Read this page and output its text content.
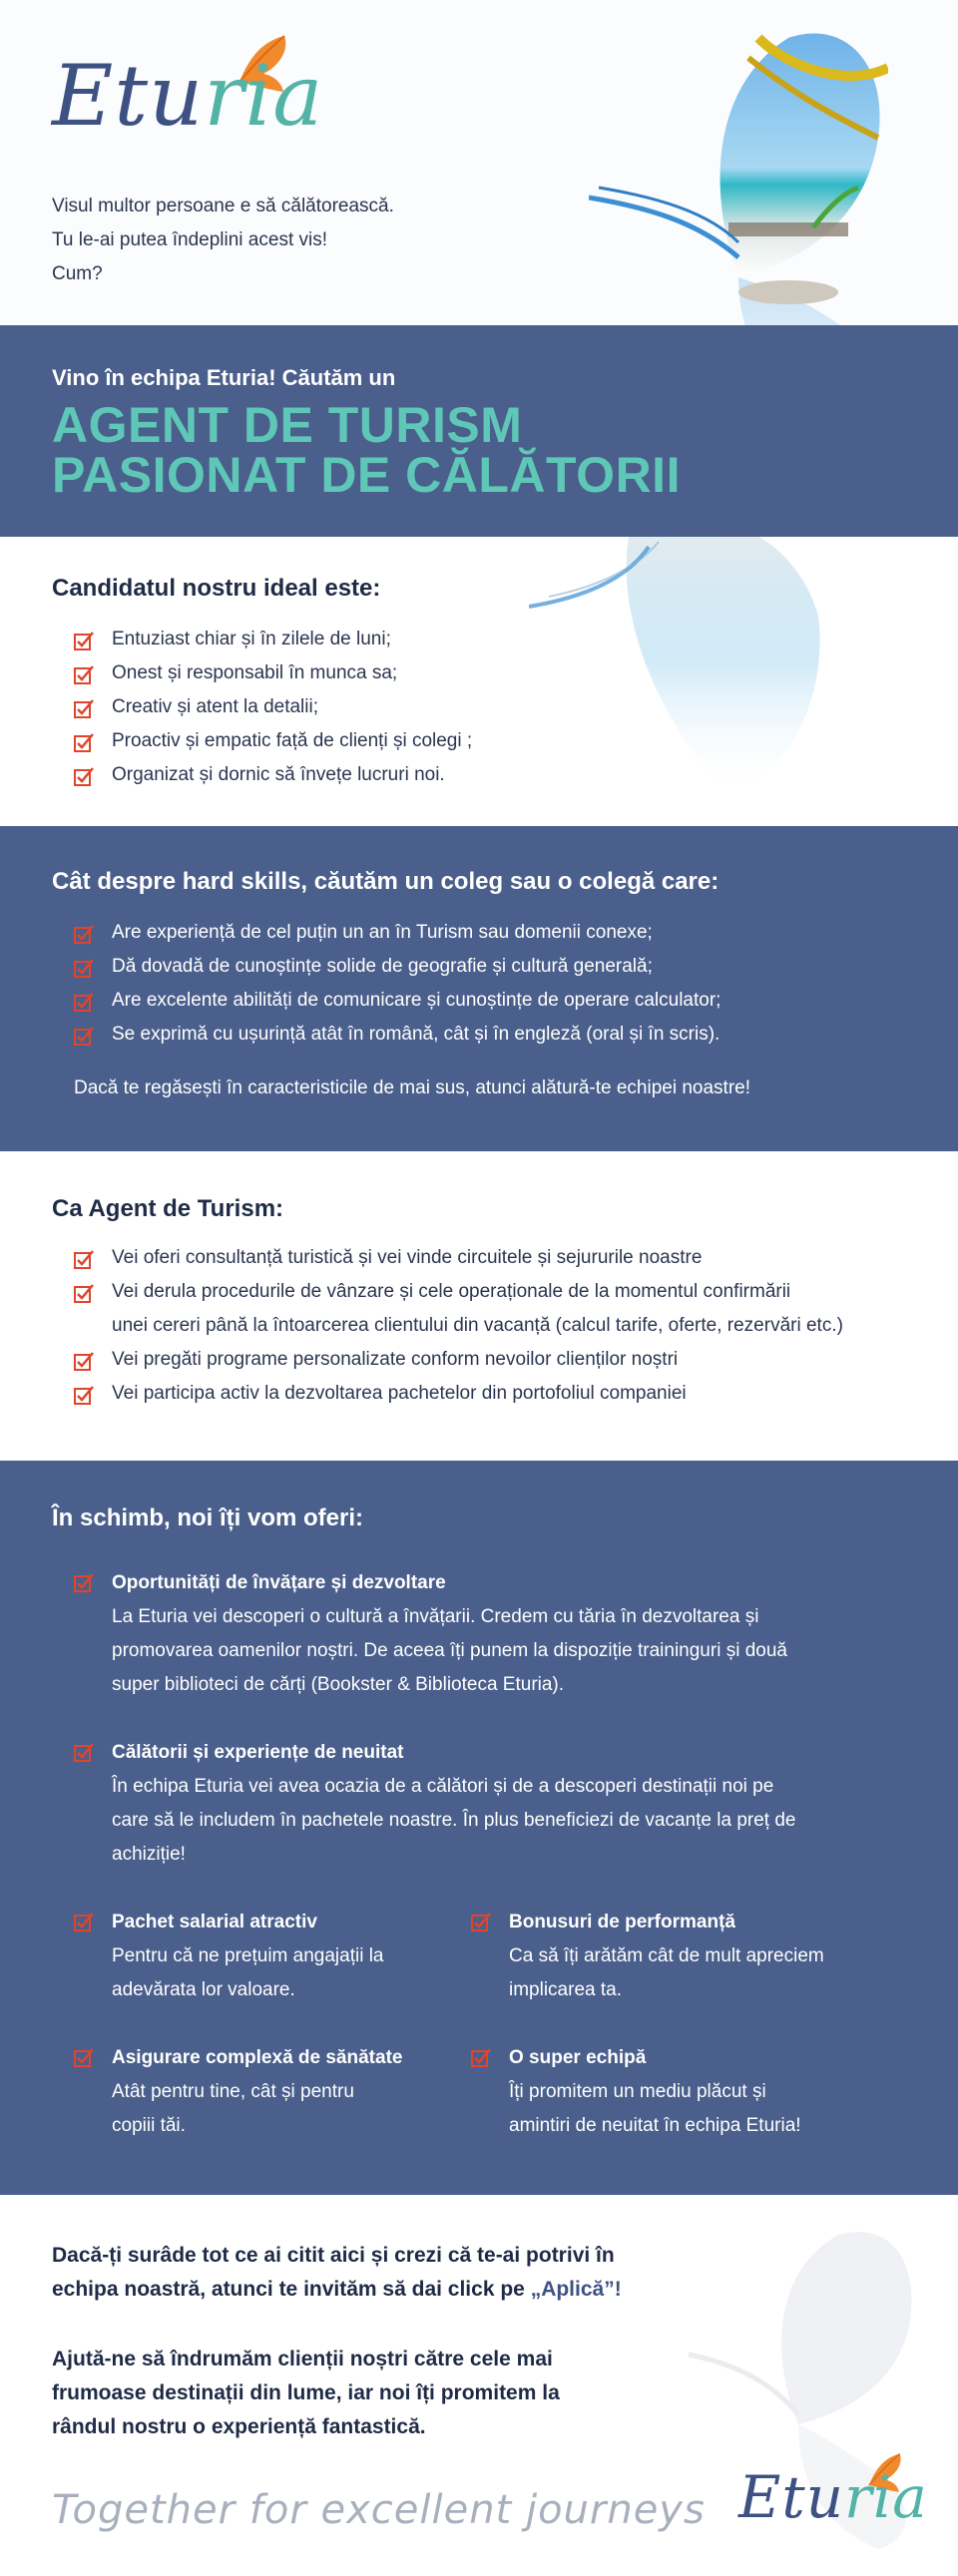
Eturia
Visul multor persoane e să călătorească.
Tu le-ai putea îndeplini acest vis!
Cum?
Vino în echipa Eturia! Căutăm un
AGENT DE TURISM
PASIONAT DE CĂLĂTORII
Candidatul nostru ideal este:
Entuziast chiar și în zilele de luni;
Onest și responsabil în munca sa;
Creativ și atent la detalii;
Proactiv și empatic față de clienți și colegi ;
Organizat și dornic să învețe lucruri noi.
Cât despre hard skills, căutăm un coleg sau o colegă care:
Are experiență de cel puțin un an în Turism sau domenii conexe;
Dă dovadă de cunoștințe solide de geografie și cultură generală;
Are excelente abilități de comunicare și cunoștințe de operare calculator;
Se exprimă cu ușurință atât în română, cât și în engleză (oral și în scris).
Dacă te regăsești în caracteristicile de mai sus, atunci alătură-te echipei noastre!
Ca Agent de Turism:
Vei oferi consultanță turistică și vei vinde circuitele și sejururile noastre
Vei derula procedurile de vânzare și cele operaționale de la momentul confirmării
unei cereri până la întoarcerea clientului din vacanță (calcul tarife, oferte, rezervări etc.)
Vei pregăti programe personalizate conform nevoilor clienților noștri
Vei participa activ la dezvoltarea pachetelor din portofoliul companiei
În schimb, noi îți vom oferi:
Oportunități de învățare și dezvoltare
La Eturia vei descoperi o cultură a învățarii. Credem cu tăria în dezvoltarea și
promovarea oamenilor noștri. De aceea îți punem la dispoziție traininguri și două
super biblioteci de cărți (Bookster & Biblioteca Eturia).
Călătorii și experiențe de neuitat
În echipa Eturia vei avea ocazia de a călători și de a descoperi destinații noi pe
care să le includem în pachetele noastre. În plus beneficiezi de vacanțe la preț de
achiziție!
Pachet salarial atractiv
Pentru că ne prețuim angajații la
adevărata lor valoare.
Bonusuri de performanță
Ca să îți arătăm cât de mult apreciem
implicarea ta.
Asigurare complexă de sănătate
Atât pentru tine, cât și pentru
copiii tăi.
O super echipă
Îți promitem un mediu plăcut și
amintiri de neuitat în echipa Eturia!
Dacă-ți surâde tot ce ai citit aici și crezi că te-ai potrivi în
echipa noastră, atunci te invităm să dai click pe „Aplică”!
Ajută-ne să îndrumăm clienții noștri către cele mai
frumoase destinații din lume, iar noi îți promitem la
rândul nostru o experiență fantastică.
Together for excellent journeys Eturia
